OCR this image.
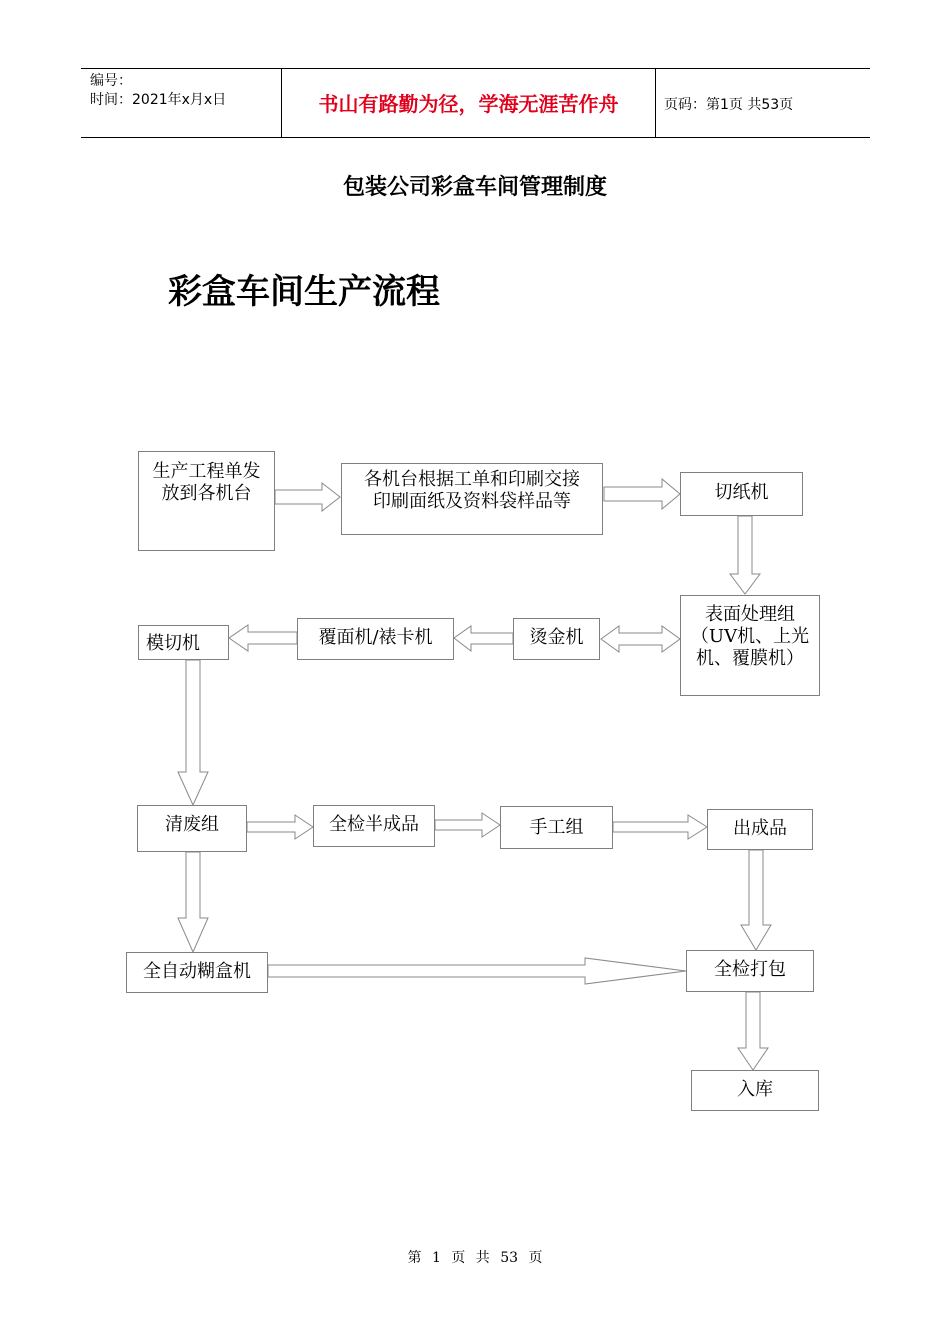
编号：
时间：2021年x月x日	书山有路勤为径，学海无涯苦作舟	页码：第1页 共53页
包装公司彩盒车间管理制度
彩盒车间生产流程
生产工程单发放到各机台
各机台根据工单和印刷交接印刷面纸及资料袋样品等	切纸机
表面处理组（UV机、上光机、覆膜机）
烫金机
覆面机/裱卡机
模切机
清废组	全检半成品	手工组	出成品
全自动糊盒机	全检打包
入库
第 1 页 共 53 页
